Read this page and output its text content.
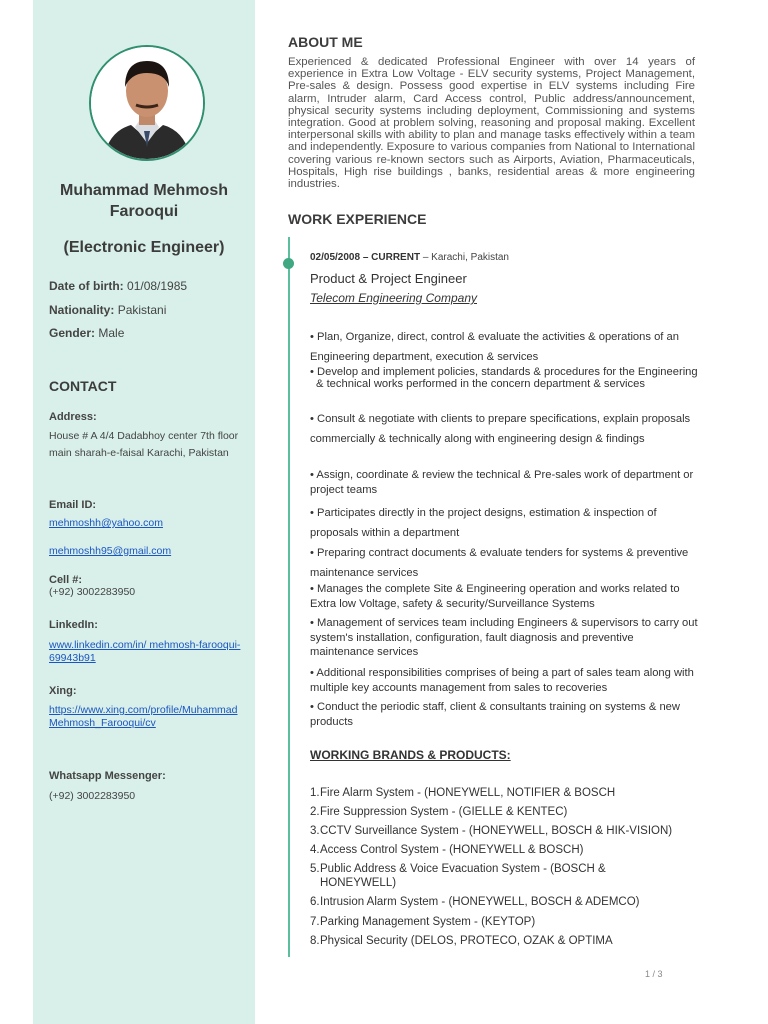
Muhammad Mehmosh Farooqui
(Electronic Engineer)
Date of birth: 01/08/1985
Nationality: Pakistani
Gender: Male
CONTACT
Address:
House # A 4/4 Dadabhoy center 7th floor main sharah-e-faisal Karachi, Pakistan
Email ID:
mehmoshh@yahoo.com
mehmoshh95@gmail.com
Cell #:
(+92) 3002283950
LinkedIn:
www.linkedin.com/in/ mehmosh-farooqui-69943b91
Xing:
https://www.xing.com/profile/Muhammad Mehmosh_Farooqui/cv
Whatsapp Messenger:
(+92) 3002283950
ABOUT ME
Experienced & dedicated Professional Engineer with over 14 years of experience in Extra Low Voltage - ELV security systems, Project Management, Pre-sales & design. Possess good expertise in ELV systems including Fire alarm, Intruder alarm, Card Access control, Public address/announcement, physical security systems including deployment, Commissioning and systems integration. Good at problem solving, reasoning and proposal making. Excellent interpersonal skills with ability to plan and manage tasks effectively within a team and independently. Exposure to various companies from National to International covering various re-known sectors such as Airports, Aviation, Pharmaceuticals, Hospitals, High rise buildings , banks, residential areas & more engineering industries.
WORK EXPERIENCE
02/05/2008 – CURRENT – Karachi, Pakistan
Product & Project Engineer
Telecom Engineering Company
• Plan, Organize, direct, control & evaluate the activities & operations of an Engineering department, execution & services
• Develop and implement policies, standards & procedures for the Engineering & technical works performed in the concern department & services
• Consult & negotiate with clients to prepare specifications, explain proposals commercially & technically along with engineering design & findings
• Assign, coordinate & review the technical & Pre-sales work of department or project teams
• Participates directly in the project designs, estimation & inspection of proposals within a department
• Preparing contract documents & evaluate tenders for systems & preventive maintenance services
• Manages the complete Site & Engineering operation and works related to Extra low Voltage, safety & security/Surveillance Systems
• Management of services team including Engineers & supervisors to carry out system's installation, configuration, fault diagnosis and preventive maintenance services
• Additional responsibilities comprises of being a part of sales team along with multiple key accounts management from sales to recoveries
• Conduct the periodic staff, client & consultants training on systems & new products
WORKING BRANDS & PRODUCTS:
1. Fire Alarm System - (HONEYWELL, NOTIFIER & BOSCH
2. Fire Suppression System - (GIELLE & KENTEC)
3. CCTV Surveillance System - (HONEYWELL, BOSCH & HIK-VISION)
4. Access Control System - (HONEYWELL & BOSCH)
5. Public Address & Voice Evacuation System - (BOSCH & HONEYWELL)
6. Intrusion Alarm System - (HONEYWELL, BOSCH & ADEMCO)
7. Parking Management System - (KEYTOP)
8. Physical Security (DELOS, PROTECO, OZAK & OPTIMA
1 / 3
